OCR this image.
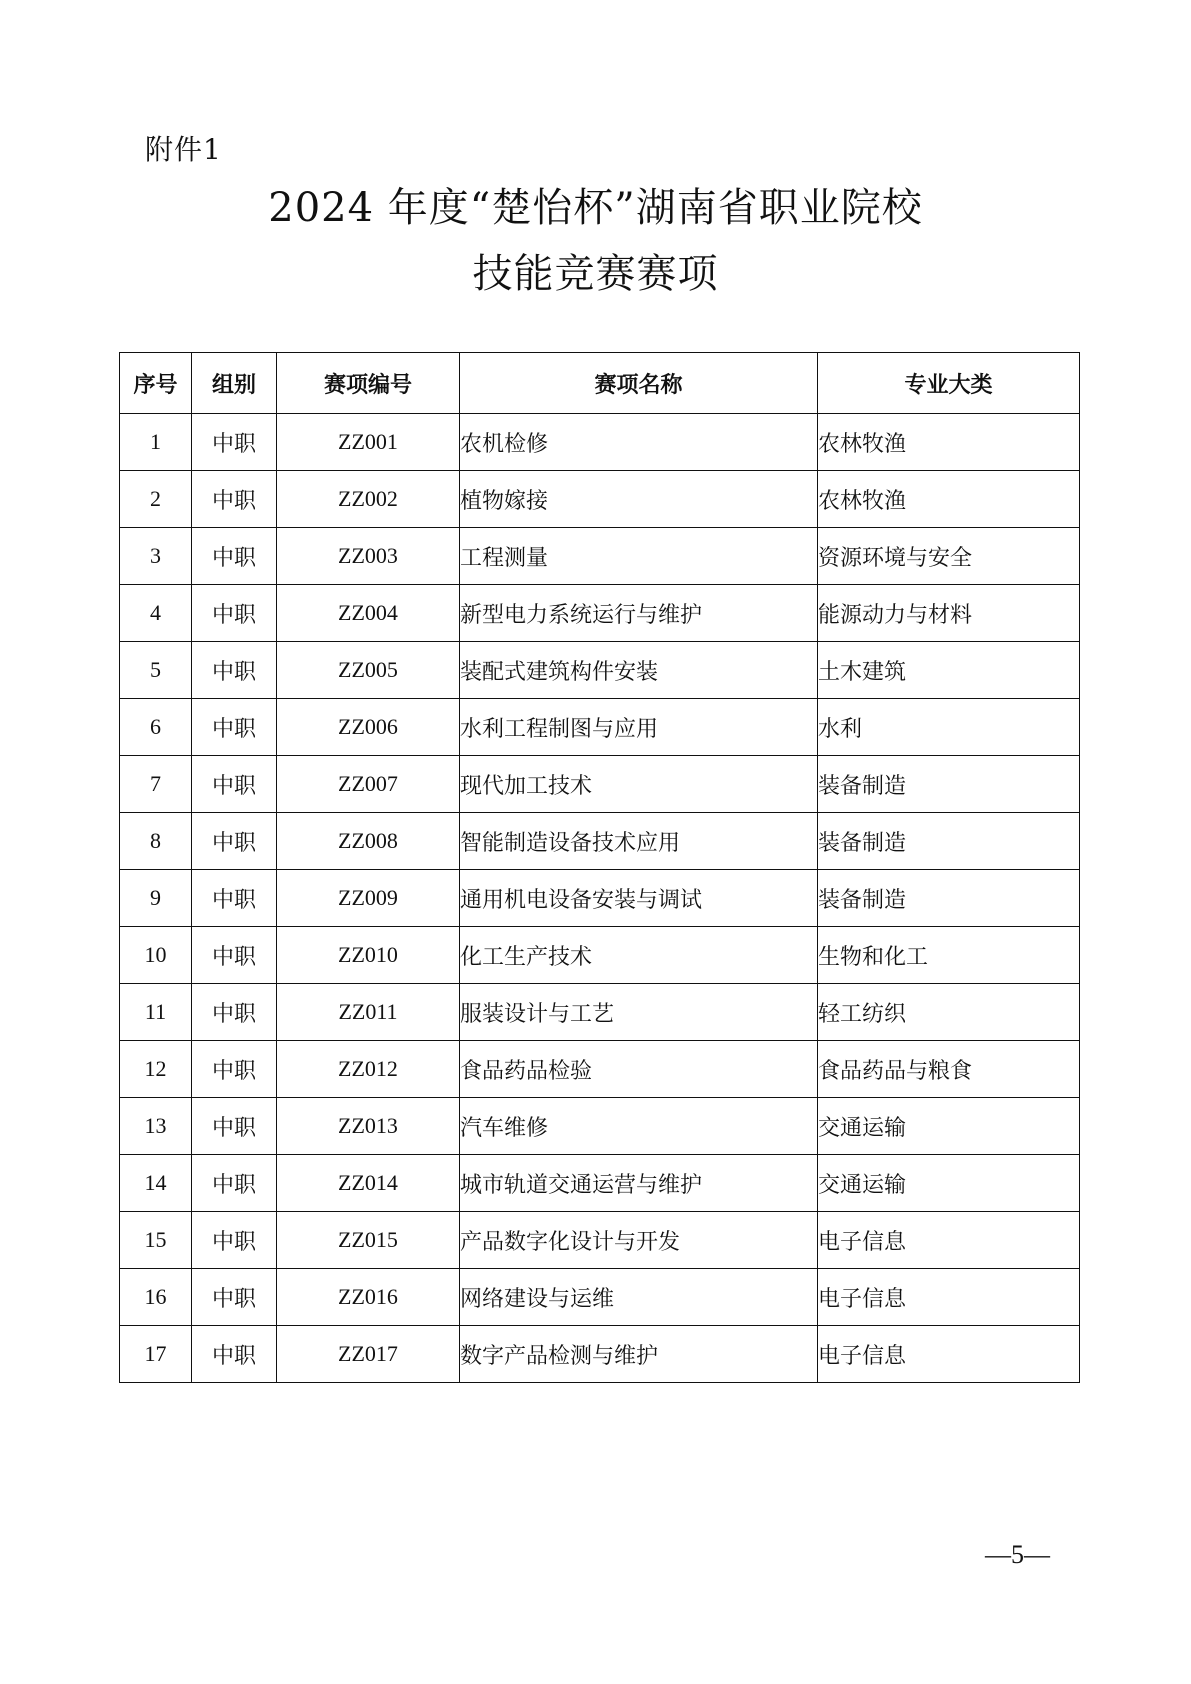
附件1
2024 年度“楚怡杯”湖南省职业院校
技能竞赛赛项
序号	组别	赛项编号	赛项名称	专业大类
1	中职	ZZ001	农机检修	农林牧渔
2	中职	ZZ002	植物嫁接	农林牧渔
3	中职	ZZ003	工程测量	资源环境与安全
4	中职	ZZ004	新型电力系统运行与维护	能源动力与材料
5	中职	ZZ005	装配式建筑构件安装	土木建筑
6	中职	ZZ006	水利工程制图与应用	水利
7	中职	ZZ007	现代加工技术	装备制造
8	中职	ZZ008	智能制造设备技术应用	装备制造
9	中职	ZZ009	通用机电设备安装与调试	装备制造
10	中职	ZZ010	化工生产技术	生物和化工
11	中职	ZZ011	服装设计与工艺	轻工纺织
12	中职	ZZ012	食品药品检验	食品药品与粮食
13	中职	ZZ013	汽车维修	交通运输
14	中职	ZZ014	城市轨道交通运营与维护	交通运输
15	中职	ZZ015	产品数字化设计与开发	电子信息
16	中职	ZZ016	网络建设与运维	电子信息
17	中职	ZZ017	数字产品检测与维护	电子信息
—5—
